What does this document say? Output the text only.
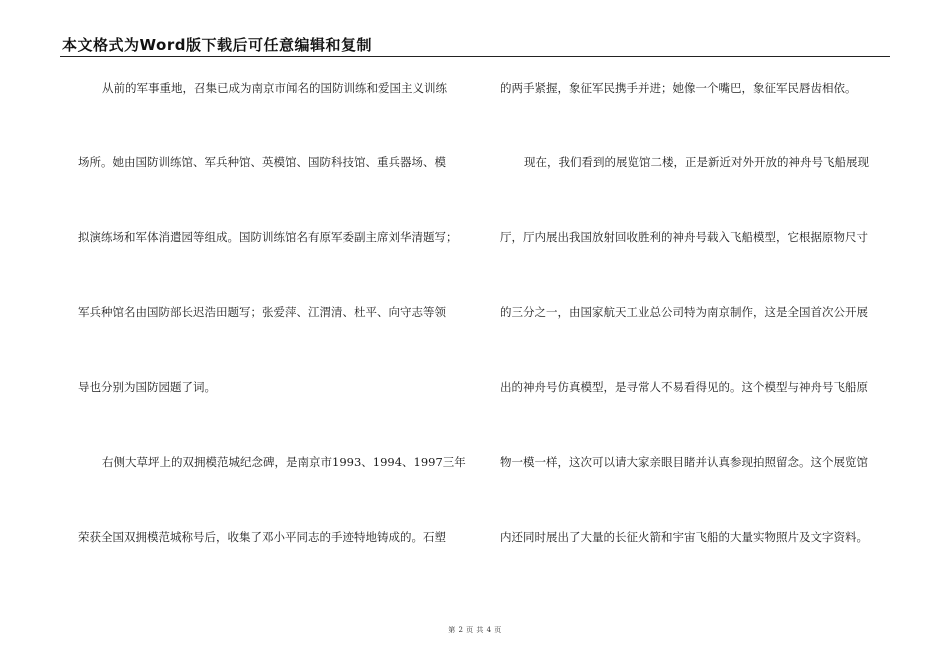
本文格式为Word版下载后可任意编辑和复制
从前的军事重地，召集已成为南京市闻名的国防训练和爱国主义训练
场所。她由国防训练馆、军兵种馆、英模馆、国防科技馆、重兵器场、模
拟演练场和军体消遣园等组成。国防训练馆名有原军委副主席刘华清题写；
军兵种馆名由国防部长迟浩田题写；张爱萍、江渭清、杜平、向守志等领
导也分别为国防园题了词。
右侧大草坪上的双拥模范城纪念碑，是南京市1993、1994、1997三年
荣获全国双拥模范城称号后，收集了邓小平同志的手迹特地铸成的。石塑
的两手紧握，象征军民携手并进；她像一个嘴巴，象征军民唇齿相依。
现在，我们看到的展览馆二楼，正是新近对外开放的神舟号飞船展现
厅，厅内展出我国放射回收胜利的神舟号载入飞船模型，它根据原物尺寸
的三分之一，由国家航天工业总公司特为南京制作，这是全国首次公开展
出的神舟号仿真模型，是寻常人不易看得见的。这个模型与神舟号飞船原
物一模一样，这次可以请大家亲眼目睹并认真参现拍照留念。这个展览馆
内还同时展出了大量的长征火箭和宇宙飞船的大量实物照片及文字资料。
第 2 页 共 4 页
